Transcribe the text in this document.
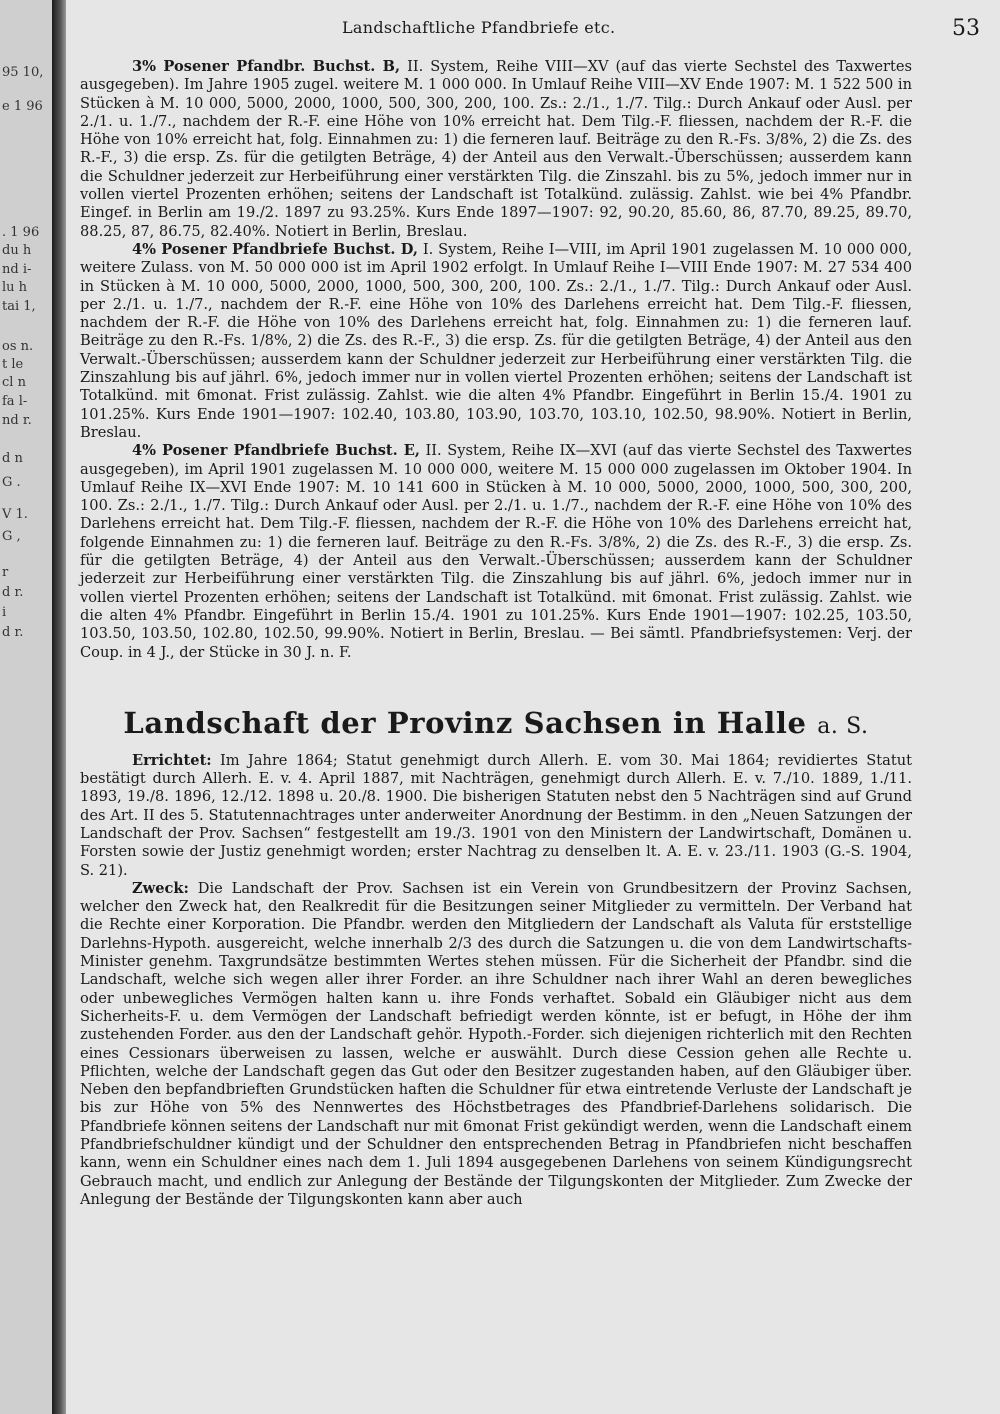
95 10,
e 1 96
. 1 96
du h
nd i-
lu h
tai 1,
os n.
t le
cl n
fa l-
nd r.
d n
G .
V 1.
G ,
r
d r.
i
d r.
Landschaftliche Pfandbriefe etc.	53

3% Posener Pfandbr. Buchst. B, II. System, Reihe VIII—XV (auf das vierte Sechstel des Taxwertes ausgegeben). Im Jahre 1905 zugel. weitere M. 1 000 000. In Umlauf Reihe VIII—XV Ende 1907: M. 1 522 500 in Stücken à M. 10 000, 5000, 2000, 1000, 500, 300, 200, 100. Zs.: 2./1., 1./7. Tilg.: Durch Ankauf oder Ausl. per 2./1. u. 1./7., nachdem der R.-F. eine Höhe von 10% erreicht hat. Dem Tilg.-F. fliessen, nachdem der R.-F. die Höhe von 10% erreicht hat, folg. Einnahmen zu: 1) die ferneren lauf. Beiträge zu den R.-Fs. 3/8%, 2) die Zs. des R.-F., 3) die ersp. Zs. für die getilgten Beträge, 4) der Anteil aus den Verwalt.-Überschüssen; ausserdem kann die Schuldner jederzeit zur Herbeiführung einer verstärkten Tilg. die Zinszahl. bis zu 5%, jedoch immer nur in vollen viertel Prozenten erhöhen; seitens der Landschaft ist Totalkünd. zulässig. Zahlst. wie bei 4% Pfandbr. Eingef. in Berlin am 19./2. 1897 zu 93.25%. Kurs Ende 1897—1907: 92, 90.20, 85.60, 86, 87.70, 89.25, 89.70, 88.25, 87, 86.75, 82.40%. Notiert in Berlin, Breslau.

4% Posener Pfandbriefe Buchst. D, I. System, Reihe I—VIII, im April 1901 zugelassen M. 10 000 000, weitere Zulass. von M. 50 000 000 ist im April 1902 erfolgt. In Umlauf Reihe I—VIII Ende 1907: M. 27 534 400 in Stücken à M. 10 000, 5000, 2000, 1000, 500, 300, 200, 100. Zs.: 2./1., 1./7. Tilg.: Durch Ankauf oder Ausl. per 2./1. u. 1./7., nachdem der R.-F. eine Höhe von 10% des Darlehens erreicht hat. Dem Tilg.-F. fliessen, nachdem der R.-F. die Höhe von 10% des Darlehens erreicht hat, folg. Einnahmen zu: 1) die ferneren lauf. Beiträge zu den R.-Fs. 1/8%, 2) die Zs. des R.-F., 3) die ersp. Zs. für die getilgten Beträge, 4) der Anteil aus den Verwalt.-Überschüssen; ausserdem kann der Schuldner jederzeit zur Herbeiführung einer verstärkten Tilg. die Zinszahlung bis auf jährl. 6%, jedoch immer nur in vollen viertel Prozenten erhöhen; seitens der Landschaft ist Totalkünd. mit 6monat. Frist zulässig. Zahlst. wie die alten 4% Pfandbr. Eingeführt in Berlin 15./4. 1901 zu 101.25%. Kurs Ende 1901—1907: 102.40, 103.80, 103.90, 103.70, 103.10, 102.50, 98.90%. Notiert in Berlin, Breslau.

4% Posener Pfandbriefe Buchst. E, II. System, Reihe IX—XVI (auf das vierte Sechstel des Taxwertes ausgegeben), im April 1901 zugelassen M. 10 000 000, weitere M. 15 000 000 zugelassen im Oktober 1904. In Umlauf Reihe IX—XVI Ende 1907: M. 10 141 600 in Stücken à M. 10 000, 5000, 2000, 1000, 500, 300, 200, 100. Zs.: 2./1., 1./7. Tilg.: Durch Ankauf oder Ausl. per 2./1. u. 1./7., nachdem der R.-F. eine Höhe von 10% des Darlehens erreicht hat. Dem Tilg.-F. fliessen, nachdem der R.-F. die Höhe von 10% des Darlehens erreicht hat, folgende Einnahmen zu: 1) die ferneren lauf. Beiträge zu den R.-Fs. 3/8%, 2) die Zs. des R.-F., 3) die ersp. Zs. für die getilgten Beträge, 4) der Anteil aus den Verwalt.-Überschüssen; ausserdem kann der Schuldner jederzeit zur Herbeiführung einer verstärkten Tilg. die Zinszahlung bis auf jährl. 6%, jedoch immer nur in vollen viertel Prozenten erhöhen; seitens der Landschaft ist Totalkünd. mit 6monat. Frist zulässig. Zahlst. wie die alten 4% Pfandbr. Eingeführt in Berlin 15./4. 1901 zu 101.25%. Kurs Ende 1901—1907: 102.25, 103.50, 103.50, 103.50, 102.80, 102.50, 99.90%. Notiert in Berlin, Breslau. — Bei sämtl. Pfandbriefsystemen: Verj. der Coup. in 4 J., der Stücke in 30 J. n. F.

Landschaft der Provinz Sachsen in Halle a. S.

Errichtet: Im Jahre 1864; Statut genehmigt durch Allerh. E. vom 30. Mai 1864; revidiertes Statut bestätigt durch Allerh. E. v. 4. April 1887, mit Nachträgen, genehmigt durch Allerh. E. v. 7./10. 1889, 1./11. 1893, 19./8. 1896, 12./12. 1898 u. 20./8. 1900. Die bisherigen Statuten nebst den 5 Nachträgen sind auf Grund des Art. II des 5. Statutennachtrages unter anderweiter Anordnung der Bestimm. in den „Neuen Satzungen der Landschaft der Prov. Sachsen“ festgestellt am 19./3. 1901 von den Ministern der Landwirtschaft, Domänen u. Forsten sowie der Justiz genehmigt worden; erster Nachtrag zu denselben lt. A. E. v. 23./11. 1903 (G.-S. 1904, S. 21).

Zweck: Die Landschaft der Prov. Sachsen ist ein Verein von Grundbesitzern der Provinz Sachsen, welcher den Zweck hat, den Realkredit für die Besitzungen seiner Mitglieder zu vermitteln. Der Verband hat die Rechte einer Korporation. Die Pfandbr. werden den Mitgliedern der Landschaft als Valuta für erststellige Darlehns-Hypoth. ausgereicht, welche innerhalb 2/3 des durch die Satzungen u. die von dem Landwirtschafts-Minister genehm. Taxgrundsätze bestimmten Wertes stehen müssen. Für die Sicherheit der Pfandbr. sind die Landschaft, welche sich wegen aller ihrer Forder. an ihre Schuldner nach ihrer Wahl an deren bewegliches oder unbewegliches Vermögen halten kann u. ihre Fonds verhaftet. Sobald ein Gläubiger nicht aus dem Sicherheits-F. u. dem Vermögen der Landschaft befriedigt werden könnte, ist er befugt, in Höhe der ihm zustehenden Forder. aus den der Landschaft gehör. Hypoth.-Forder. sich diejenigen richterlich mit den Rechten eines Cessionars überweisen zu lassen, welche er auswählt. Durch diese Cession gehen alle Rechte u. Pflichten, welche der Landschaft gegen das Gut oder den Besitzer zugestanden haben, auf den Gläubiger über. Neben den bepfandbrieften Grundstücken haften die Schuldner für etwa eintretende Verluste der Landschaft je bis zur Höhe von 5% des Nennwertes des Höchstbetrages des Pfandbrief-Darlehens solidarisch. Die Pfandbriefe können seitens der Landschaft nur mit 6monat Frist gekündigt werden, wenn die Landschaft einem Pfandbriefschuldner kündigt und der Schuldner den entsprechenden Betrag in Pfandbriefen nicht beschaffen kann, wenn ein Schuldner eines nach dem 1. Juli 1894 ausgegebenen Darlehens von seinem Kündigungsrecht Gebrauch macht, und endlich zur Anlegung der Bestände der Tilgungskonten der Mitglieder. Zum Zwecke der Anlegung der Bestände der Tilgungskonten kann aber auch
